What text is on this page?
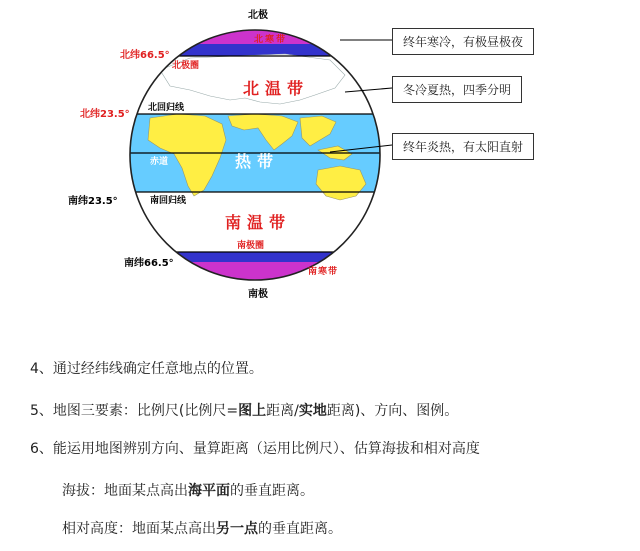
北极
南极
北纬66.5°
北纬23.5°
南纬23.5°
南纬66.5°
北极圈
北回归线
赤道
南回归线
南极圈
北寒带
北温带
热带
南温带
南寒带
终年寒冷，有极昼极夜
冬冷夏热，四季分明
终年炎热，有太阳直射
4、通过经纬线确定任意地点的位置。
5、地图三要素：比例尺(比例尺=图上距离/实地距离)、方向、图例。
6、能运用地图辨别方向、量算距离（运用比例尺）、估算海拔和相对高度
海拔：地面某点高出海平面的垂直距离。
相对高度：地面某点高出另一点的垂直距离。
